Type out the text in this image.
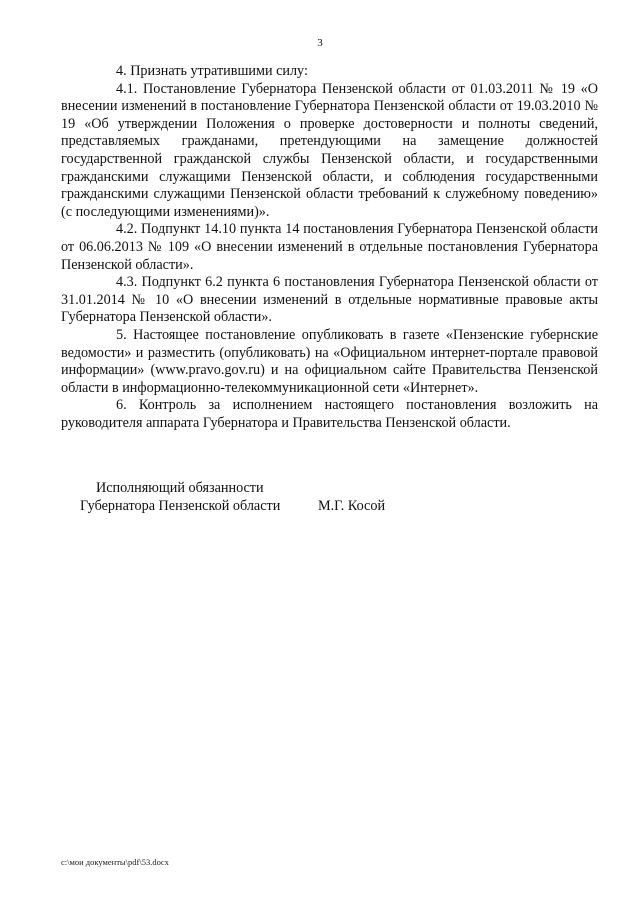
3

4. Признать утратившими силу:

4.1. Постановление Губернатора Пензенской области от 01.03.2011 № 19 «О внесении изменений в постановление Губернатора Пензенской области от 19.03.2010 № 19 «Об утверждении Положения о проверке достоверности и полноты сведений, представляемых гражданами, претендующими на замещение должностей государственной гражданской службы Пензенской области, и государственными гражданскими служащими Пензенской области, и соблюдения государственными гражданскими служащими Пензенской области требований к служебному поведению» (с последующими изменениями)».

4.2. Подпункт 14.10 пункта 14 постановления Губернатора Пензенской области от 06.06.2013 № 109 «О внесении изменений в отдельные постановления Губернатора Пензенской области».

4.3. Подпункт 6.2 пункта 6 постановления Губернатора Пензенской области от 31.01.2014 № 10 «О внесении изменений в отдельные нормативные правовые акты Губернатора Пензенской области».

5. Настоящее постановление опубликовать в газете «Пензенские губернские ведомости» и разместить (опубликовать) на «Официальном интернет-портале правовой информации» (www.pravo.gov.ru) и на официальном сайте Правительства Пензенской области в информационно-телекоммуникационной сети «Интернет».

6. Контроль за исполнением настоящего постановления возложить на руководителя аппарата Губернатора и Правительства Пензенской области.

Исполняющий обязанности
Губернатора Пензенской области	М.Г. Косой
c:\мои документы\pdf\53.docx
